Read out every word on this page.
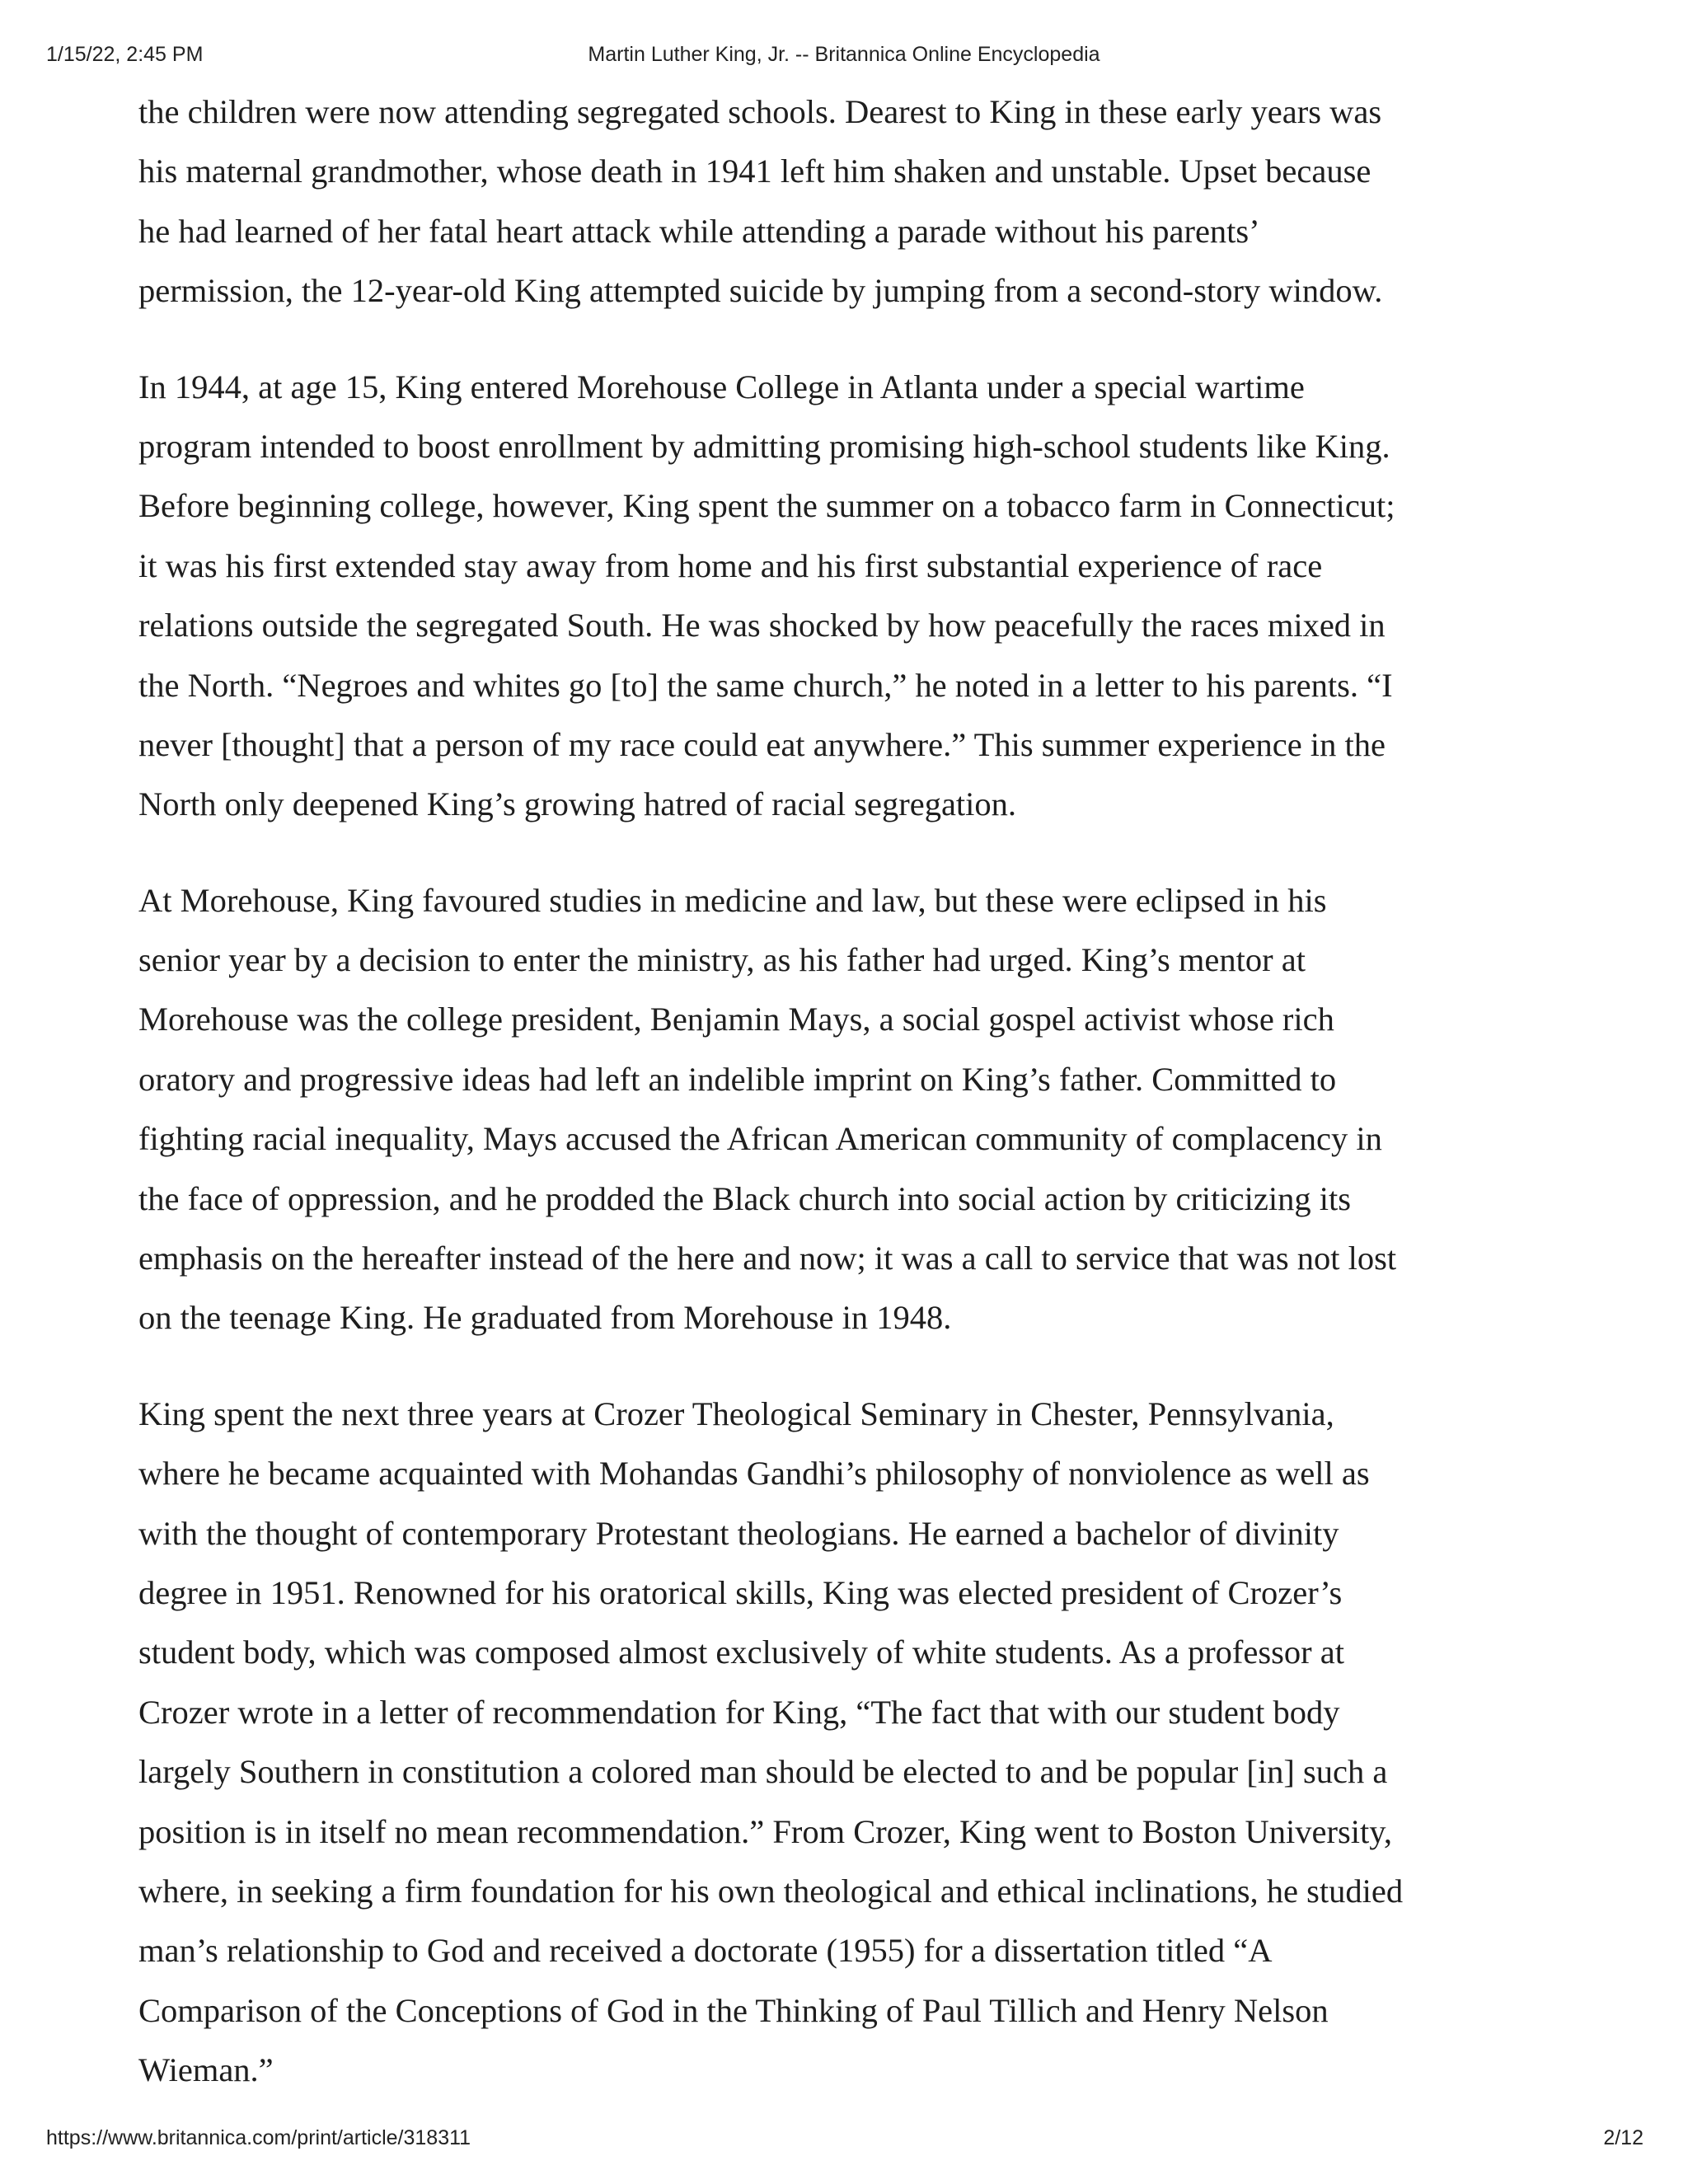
1/15/22, 2:45 PM	Martin Luther King, Jr. -- Britannica Online Encyclopedia

the children were now attending segregated schools. Dearest to King in these early years was
his maternal grandmother, whose death in 1941 left him shaken and unstable. Upset because
he had learned of her fatal heart attack while attending a parade without his parents’
permission, the 12-year-old King attempted suicide by jumping from a second-story window.

In 1944, at age 15, King entered Morehouse College in Atlanta under a special wartime
program intended to boost enrollment by admitting promising high-school students like King.
Before beginning college, however, King spent the summer on a tobacco farm in Connecticut;
it was his first extended stay away from home and his first substantial experience of race
relations outside the segregated South. He was shocked by how peacefully the races mixed in
the North. “Negroes and whites go [to] the same church,” he noted in a letter to his parents. “I
never [thought] that a person of my race could eat anywhere.” This summer experience in the
North only deepened King’s growing hatred of racial segregation.

At Morehouse, King favoured studies in medicine and law, but these were eclipsed in his
senior year by a decision to enter the ministry, as his father had urged. King’s mentor at
Morehouse was the college president, Benjamin Mays, a social gospel activist whose rich
oratory and progressive ideas had left an indelible imprint on King’s father. Committed to
fighting racial inequality, Mays accused the African American community of complacency in
the face of oppression, and he prodded the Black church into social action by criticizing its
emphasis on the hereafter instead of the here and now; it was a call to service that was not lost
on the teenage King. He graduated from Morehouse in 1948.

King spent the next three years at Crozer Theological Seminary in Chester, Pennsylvania,
where he became acquainted with Mohandas Gandhi’s philosophy of nonviolence as well as
with the thought of contemporary Protestant theologians. He earned a bachelor of divinity
degree in 1951. Renowned for his oratorical skills, King was elected president of Crozer’s
student body, which was composed almost exclusively of white students. As a professor at
Crozer wrote in a letter of recommendation for King, “The fact that with our student body
largely Southern in constitution a colored man should be elected to and be popular [in] such a
position is in itself no mean recommendation.” From Crozer, King went to Boston University,
where, in seeking a firm foundation for his own theological and ethical inclinations, he studied
man’s relationship to God and received a doctorate (1955) for a dissertation titled “A
Comparison of the Conceptions of God in the Thinking of Paul Tillich and Henry Nelson
Wieman.”

https://www.britannica.com/print/article/318311	2/12
